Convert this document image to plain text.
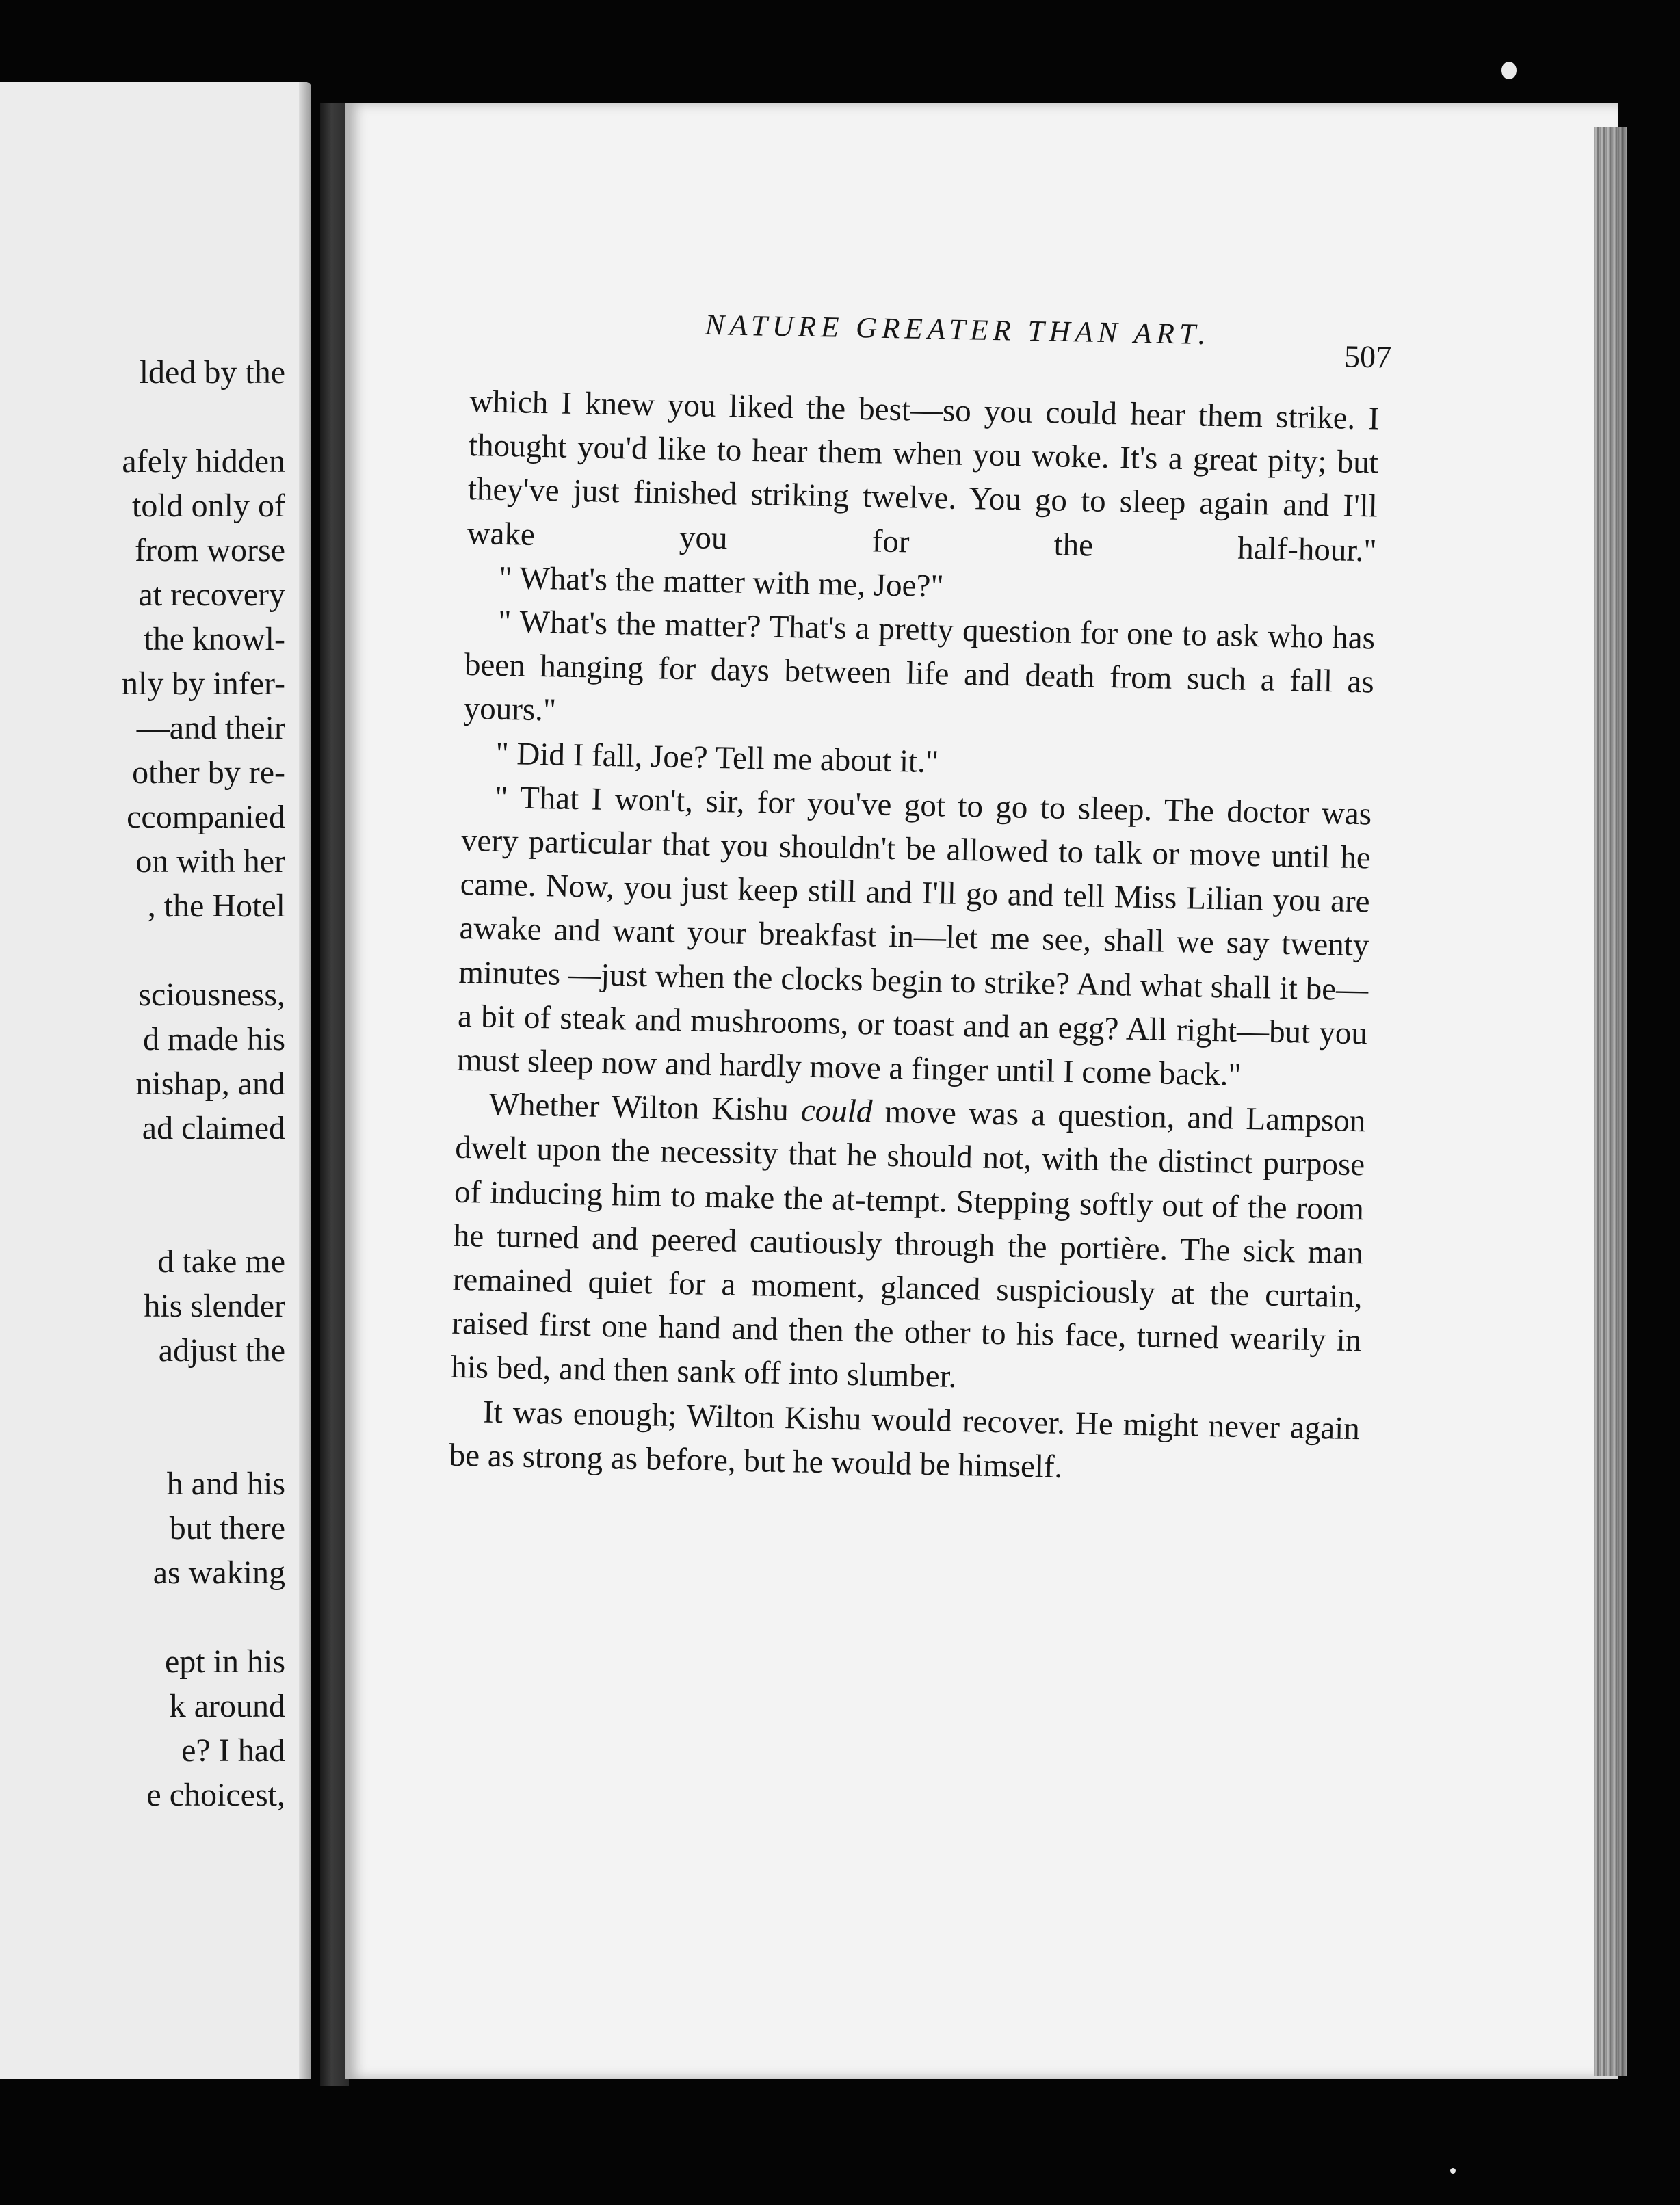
lded by the
afely hidden
told only of
from worse
at recovery
the knowl-
nly by infer-
—and their
other by re-
ccompanied
on with her
, the Hotel
sciousness,
d made his
nishap, and
ad claimed
d take me
his slender
adjust the
h and his
but there
as waking
ept in his
k around
e? I had
e choicest,

which I knew you liked the best—so you could hear them strike. I thought you'd like to hear them when you woke. It's a great pity; but they've just finished striking twelve. You go to sleep again and I'll wake you for the half-hour."

" What's the matter with me, Joe?"

" What's the matter? That's a pretty question for one to ask who has been hanging for days between life and death from such a fall as yours."

" Did I fall, Joe? Tell me about it."

" That I won't, sir, for you've got to go to sleep. The doctor was very particular that you shouldn't be allowed to talk or move until he came. Now, you just keep still and I'll go and tell Miss Lilian you are awake and want your breakfast in—let me see, shall we say twenty minutes —just when the clocks begin to strike? And what shall it be—a bit of steak and mushrooms, or toast and an egg? All right—but you must sleep now and hardly move a finger until I come back."

Whether Wilton Kishu could move was a question, and Lampson dwelt upon the necessity that he should not, with the distinct purpose of inducing him to make the at-tempt. Stepping softly out of the room he turned and peered cautiously through the portière. The sick man remained quiet for a moment, glanced suspiciously at the curtain, raised first one hand and then the other to his face, turned wearily in his bed, and then sank off into slumber.

It was enough; Wilton Kishu would recover. He might never again be as strong as before, but he would be himself.

NATURE GREATER THAN ART.
507
